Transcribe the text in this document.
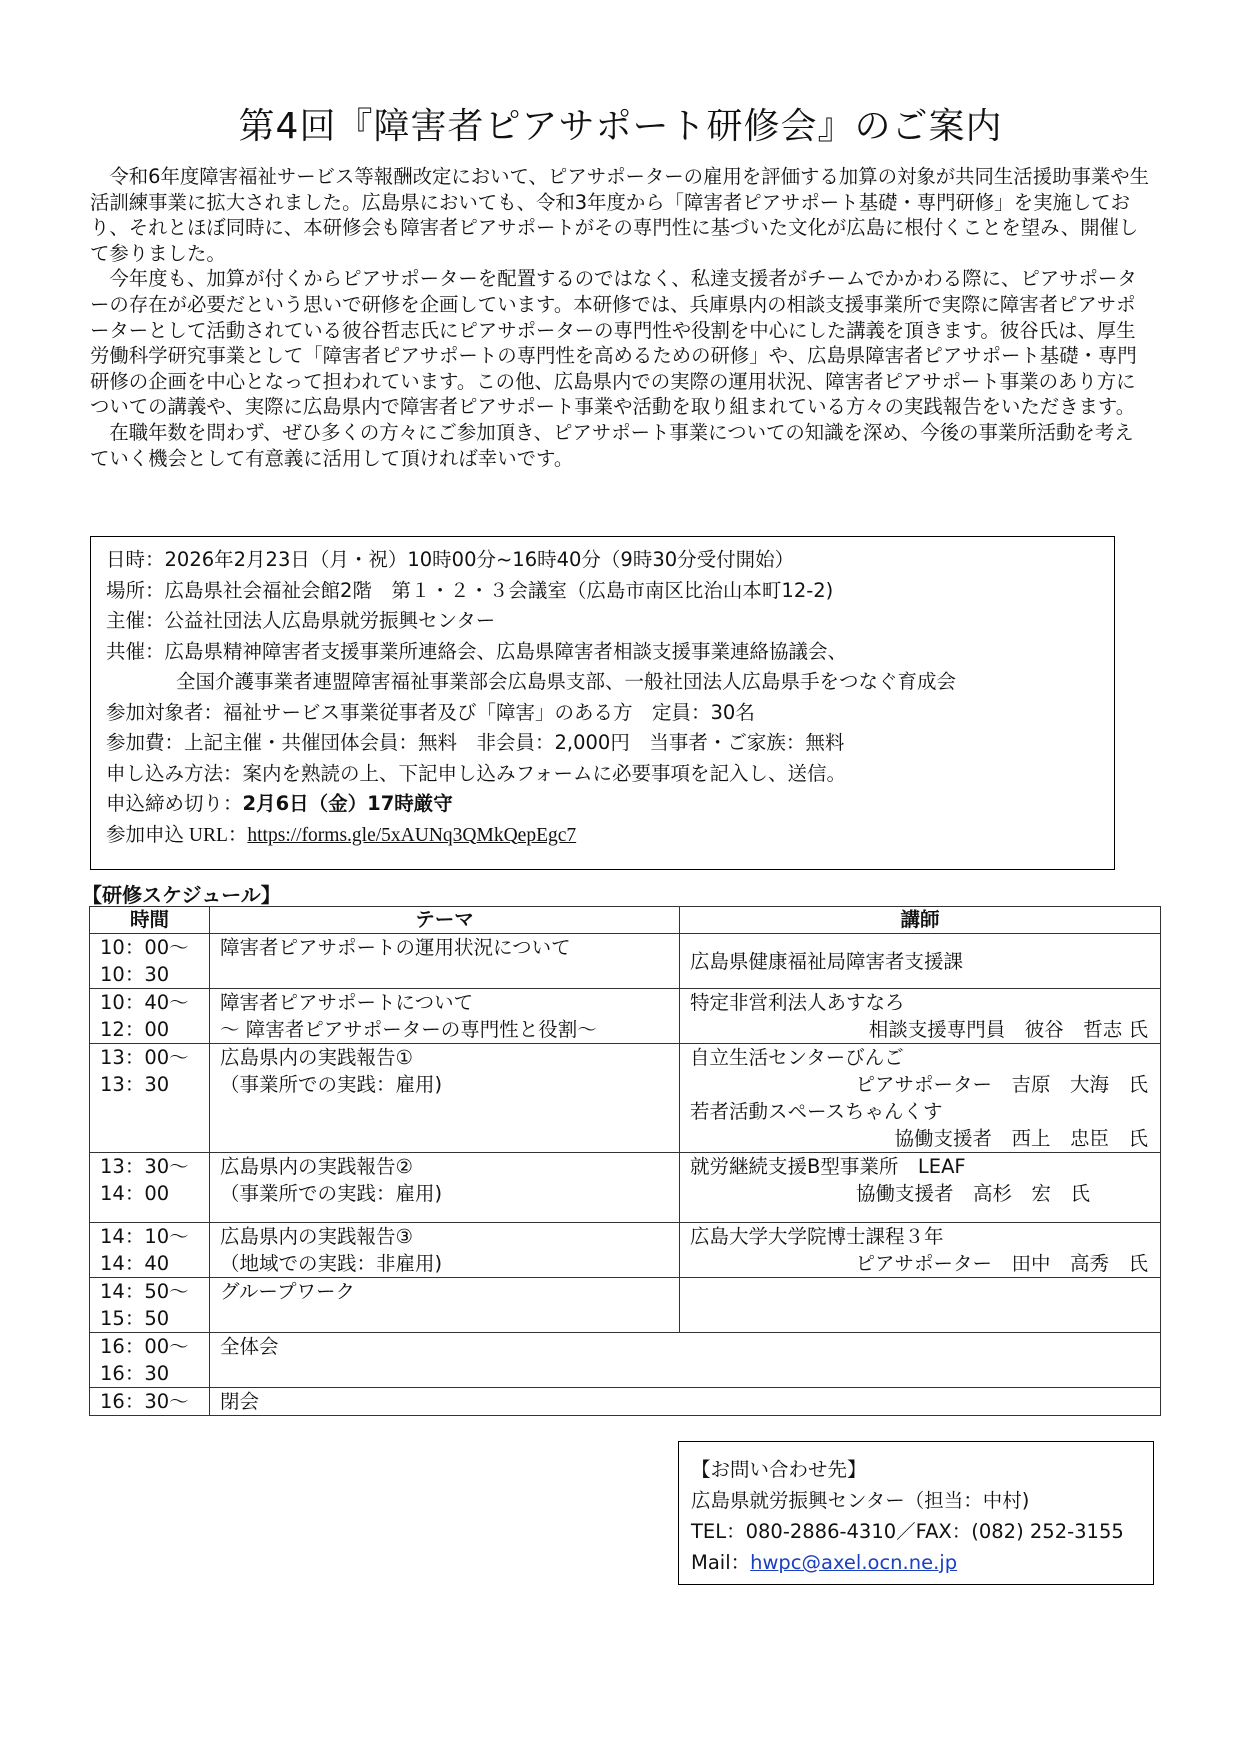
第4回『障害者ピアサポート研修会』のご案内

令和6年度障害福祉サービス等報酬改定において、ピアサポーターの雇用を評価する加算の対象が共同生活援助事業や生活訓練事業に拡大されました。広島県においても、令和3年度から「障害者ピアサポート基礎・専門研修」を実施しており、それとほぼ同時に、本研修会も障害者ピアサポートがその専門性に基づいた文化が広島に根付くことを望み、開催して参りました。

今年度も、加算が付くからピアサポーターを配置するのではなく、私達支援者がチームでかかわる際に、ピアサポーターの存在が必要だという思いで研修を企画しています。本研修では、兵庫県内の相談支援事業所で実際に障害者ピアサポーターとして活動されている彼谷哲志氏にピアサポーターの専門性や役割を中心にした講義を頂きます。彼谷氏は、厚生労働科学研究事業として「障害者ピアサポートの専門性を高めるための研修」や、広島県障害者ピアサポート基礎・専門研修の企画を中心となって担われています。この他、広島県内での実際の運用状況、障害者ピアサポート事業のあり方についての講義や、実際に広島県内で障害者ピアサポート事業や活動を取り組まれている方々の実践報告をいただきます。

在職年数を問わず、ぜひ多くの方々にご参加頂き、ピアサポート事業についての知識を深め、今後の事業所活動を考えていく機会として有意義に活用して頂ければ幸いです。

日時：2026年2月23日（月・祝）10時00分~16時40分（9時30分受付開始）
場所：広島県社会福祉会館2階　第１・２・３会議室（広島市南区比治山本町12-2)
主催：公益社団法人広島県就労振興センター
共催：広島県精神障害者支援事業所連絡会、広島県障害者相談支援事業連絡協議会、
全国介護事業者連盟障害福祉事業部会広島県支部、一般社団法人広島県手をつなぐ育成会
参加対象者：福祉サービス事業従事者及び「障害」のある方　定員：30名
参加費：上記主催・共催団体会員：無料　非会員：2,000円　当事者・ご家族：無料
申し込み方法：案内を熟読の上、下記申し込みフォームに必要事項を記入し、送信。
申込締め切り：2月6日（金）17時厳守
参加申込 URL：https://forms.gle/5xAUNq3QMkQepEgc7
【研修スケジュール】
時間	テーマ	講師

10：00～
10：30	障害者ピアサポートの運用状況について	広島県健康福祉局障害者支援課

10：40～
12：00	障害者ピアサポートについて
～ 障害者ピアサポーターの専門性と役割～	特定非営利法人あすなろ
相談支援専門員　彼谷　哲志 氏

13：00～
13：30	広島県内の実践報告①
（事業所での実践：雇用)	自立生活センターびんご
ピアサポーター　吉原　大海　氏
若者活動スペースちゃんくす
協働支援者　西上　忠臣　氏

13：30～
14：00	広島県内の実践報告②
（事業所での実践：雇用)	就労継続支援B型事業所　LEAF
協働支援者　高杉　宏　氏

14：10～
14：40	広島県内の実践報告③
（地域での実践：非雇用)	広島大学大学院博士課程３年
ピアサポーター　田中　高秀　氏

14：50～
15：50	グループワーク	

16：00～
16：30	全体会	

16：30～	閉会	
【お問い合わせ先】
広島県就労振興センター（担当：中村)
TEL：080-2886-4310／FAX：(082) 252-3155
Mail：hwpc@axel.ocn.ne.jp
